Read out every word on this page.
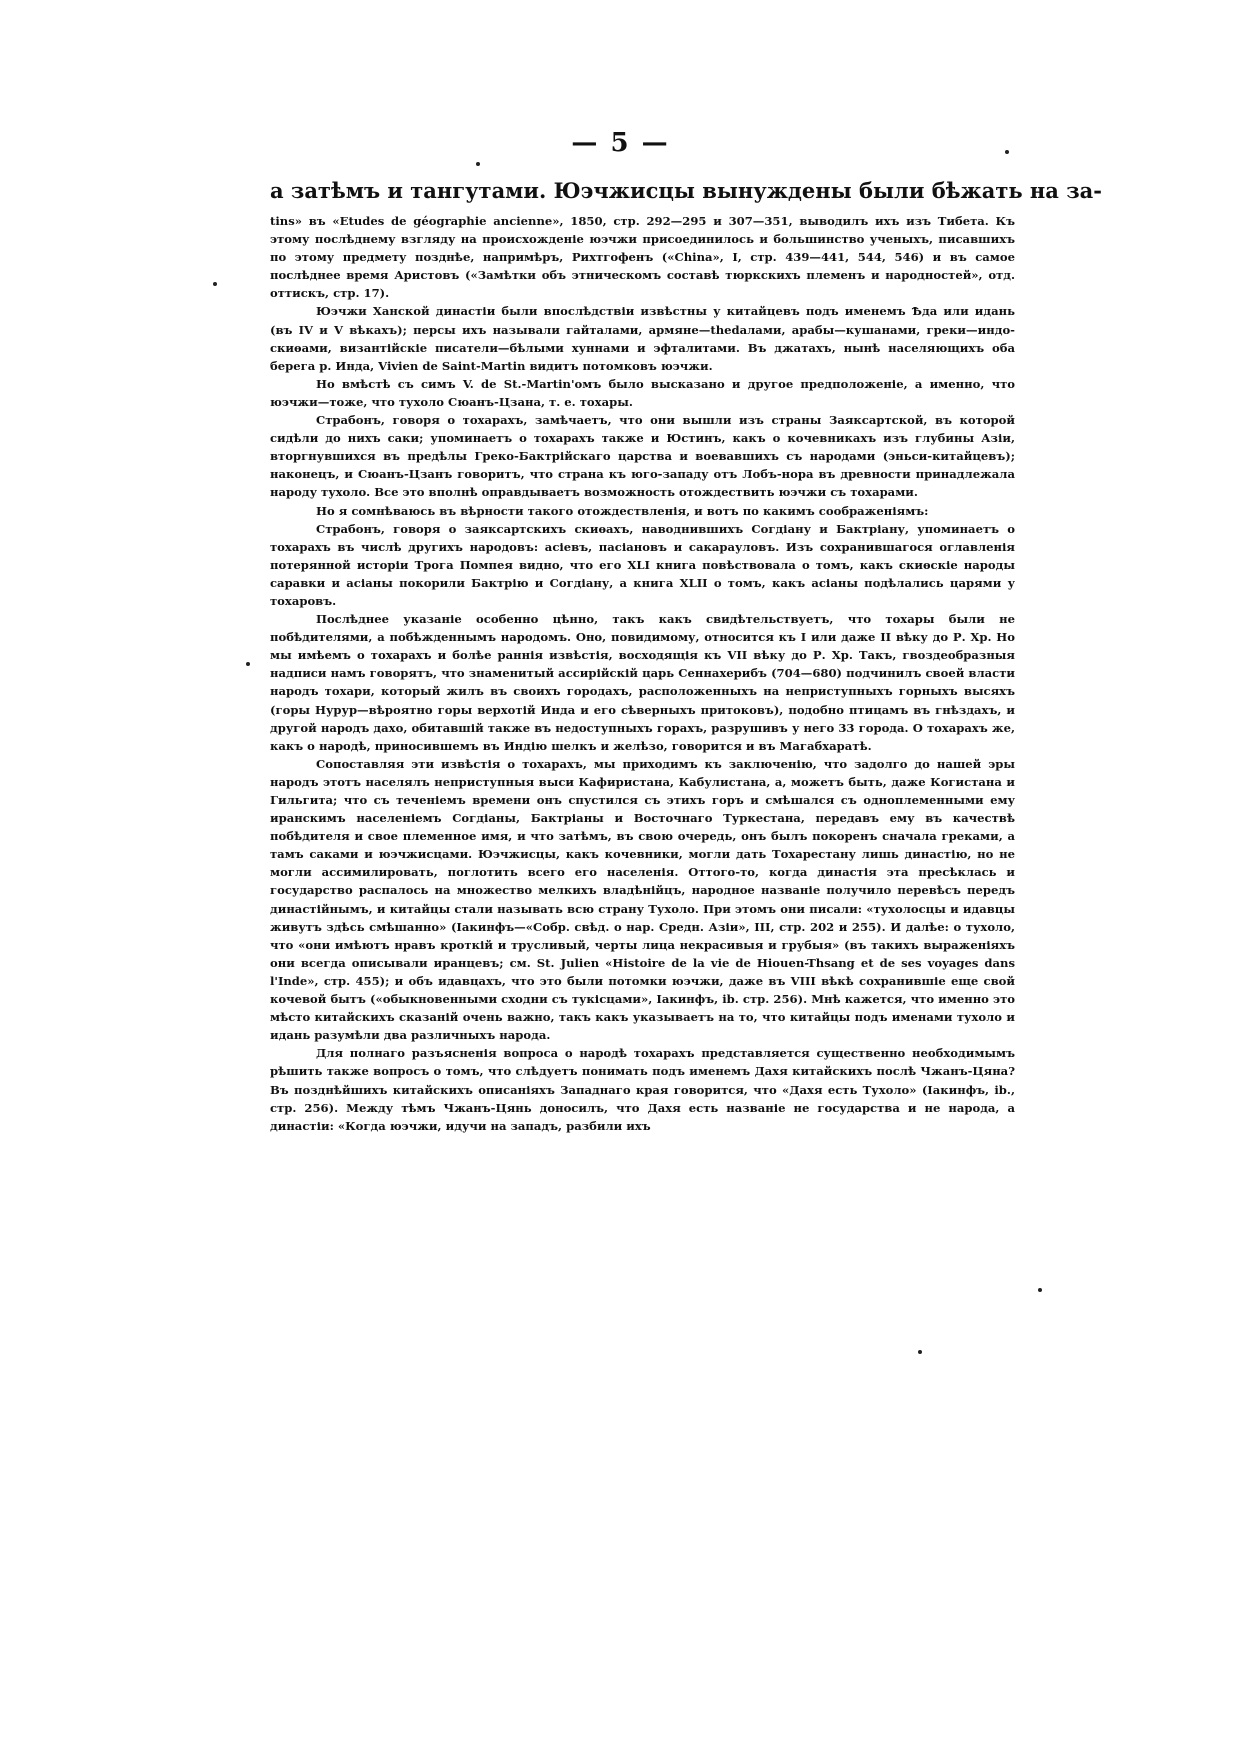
— 5 —

а затѣмъ и тангутами. Юэчжисцы вынуждены были бѣжать на за-

tins» въ «Etudes de géographie ancienne», 1850, стр. 292—295 и 307—351, выводилъ ихъ изъ Тибета. Къ этому послѣднему взгляду на происхожденіе юэчжи присоединилось и большинство ученыхъ, писавшихъ по этому предмету позднѣе, напримѣръ, Рихтгофенъ («China», I, стр. 439—441, 544, 546) и въ самое послѣднее время Аристовъ («Замѣтки объ этническомъ составѣ тюркскихъ племенъ и народностей», отд. оттискъ, стр. 17).

Юэчжи Ханской династіи были впослѣдствіи извѣстны у китайцевъ подъ именемъ Ѣда или идань (въ IV и V вѣкахъ); персы ихъ называли гайталами, армяне—thedалами, арабы—кушанами, греки—индо-скиѳами, византійскіе писатели—бѣлыми хуннами и эфталитами. Въ джатахъ, нынѣ населяющихъ оба берега р. Инда, Vivien de Saint-Martin видитъ потомковъ юэчжи.

Но вмѣстѣ съ симъ V. de St.-Martin'омъ было высказано и другое предположеніе, а именно, что юэчжи—тоже, что тухоло Сюанъ-Цзана, т. е. тохары.

Страбонъ, говоря о тохарахъ, замѣчаетъ, что они вышли изъ страны Заяксартской, въ которой сидѣли до нихъ саки; упоминаетъ о тохарахъ также и Юстинъ, какъ о кочевникахъ изъ глубины Азіи, вторгнувшихся въ предѣлы Греко-Бактрійскаго царства и воевавшихъ съ народами (эньси-китайцевъ); наконецъ, и Сюанъ-Цзанъ говоритъ, что страна къ юго-западу отъ Лобъ-нора въ древности принадлежала народу тухоло. Все это вполнѣ оправдываетъ возможность отождествить юэчжи съ тохарами.

Но я сомнѣваюсь въ вѣрности такого отождествленія, и вотъ по какимъ соображеніямъ:

Страбонъ, говоря о заяксартскихъ скиѳахъ, наводнившихъ Согдіану и Бактріану, упоминаетъ о тохарахъ въ числѣ другихъ народовъ: асіевъ, пасіановъ и сакарауловъ. Изъ сохранившагося оглавленія потерянной исторіи Трога Помпея видно, что его XLI книга повѣствовала о томъ, какъ скиѳскіе народы саравки и асіаны покорили Бактрію и Согдіану, а книга XLII о томъ, какъ асіаны подѣлались царями у тохаровъ.

Послѣднее указаніе особенно цѣнно, такъ какъ свидѣтельствуетъ, что тохары были не побѣдителями, а побѣжденнымъ народомъ. Оно, повидимому, относится къ I или даже II вѣку до Р. Хр. Но мы имѣемъ о тохарахъ и болѣе раннія извѣстія, восходящія къ VII вѣку до Р. Хр. Такъ, гвоздеобразныя надписи намъ говорятъ, что знаменитый ассирійскій царь Сеннахерибъ (704—680) подчинилъ своей власти народъ тохари, который жилъ въ своихъ городахъ, расположенныхъ на неприступныхъ горныхъ высяхъ (горы Нурур—вѣроятно горы верхотій Инда и его сѣверныхъ притоковъ), подобно птицамъ въ гнѣздахъ, и другой народъ дахо, обитавшій также въ недоступныхъ горахъ, разрушивъ у него 33 города. О тохарахъ же, какъ о народѣ, приносившемъ въ Индію шелкъ и желѣзо, говорится и въ Магабхаратѣ.

Сопоставляя эти извѣстія о тохарахъ, мы приходимъ къ заключенію, что задолго до нашей эры народъ этотъ населялъ неприступныя выси Кафиристана, Кабулистана, а, можетъ быть, даже Когистана и Гильгита; что съ теченіемъ времени онъ спустился съ этихъ горъ и смѣшался съ одноплеменными ему иранскимъ населеніемъ Согдіаны, Бактріаны и Восточнаго Туркестана, передавъ ему въ качествѣ побѣдителя и свое племенное имя, и что затѣмъ, въ свою очередь, онъ былъ покоренъ сначала греками, а тамъ саками и юэчжисцами. Юэчжисцы, какъ кочевники, могли дать Тохарестану лишь династію, но не могли ассимилировать, поглотить всего его населенія. Оттого-то, когда династія эта пресѣклась и государство распалось на множество мелкихъ владѣнійцъ, народное названіе получило перевѣсъ передъ династійнымъ, и китайцы стали называть всю страну Тухоло. При этомъ они писали: «тухолосцы и идавцы живутъ здѣсь смѣшанно» (Іакинфъ—«Собр. свѣд. о нар. Средн. Азіи», III, стр. 202 и 255). И далѣе: о тухоло, что «они имѣютъ нравъ кроткій и трусливый, черты лица некрасивыя и грубыя» (въ такихъ выраженіяхъ они всегда описывали иранцевъ; см. St. Julien «Histoire de la vie de Hiouen-Thsang et de ses voyages dans l'Inde», стр. 455); и объ идавцахъ, что это были потомки юэчжи, даже въ VIII вѣкѣ сохранившіе еще свой кочевой бытъ («обыкновенными сходни съ тукісцами», Іакинфъ, ib. стр. 256). Мнѣ кажется, что именно это мѣсто китайскихъ сказаній очень важно, такъ какъ указываетъ на то, что китайцы подъ именами тухоло и идань разумѣли два различныхъ народа.

Для полнаго разъясненія вопроса о народѣ тохарахъ представляется существенно необходимымъ рѣшить также вопросъ о томъ, что слѣдуетъ понимать подъ именемъ Дахя китайскихъ послѣ Чжанъ-Цяна? Въ позднѣйшихъ китайскихъ описаніяхъ Западнаго края говорится, что «Дахя есть Тухоло» (Іакинфъ, ib., стр. 256). Между тѣмъ Чжанъ-Цянь доносилъ, что Дахя есть названіе не государства и не народа, а династіи: «Когда юэчжи, идучи на западъ, разбили ихъ
